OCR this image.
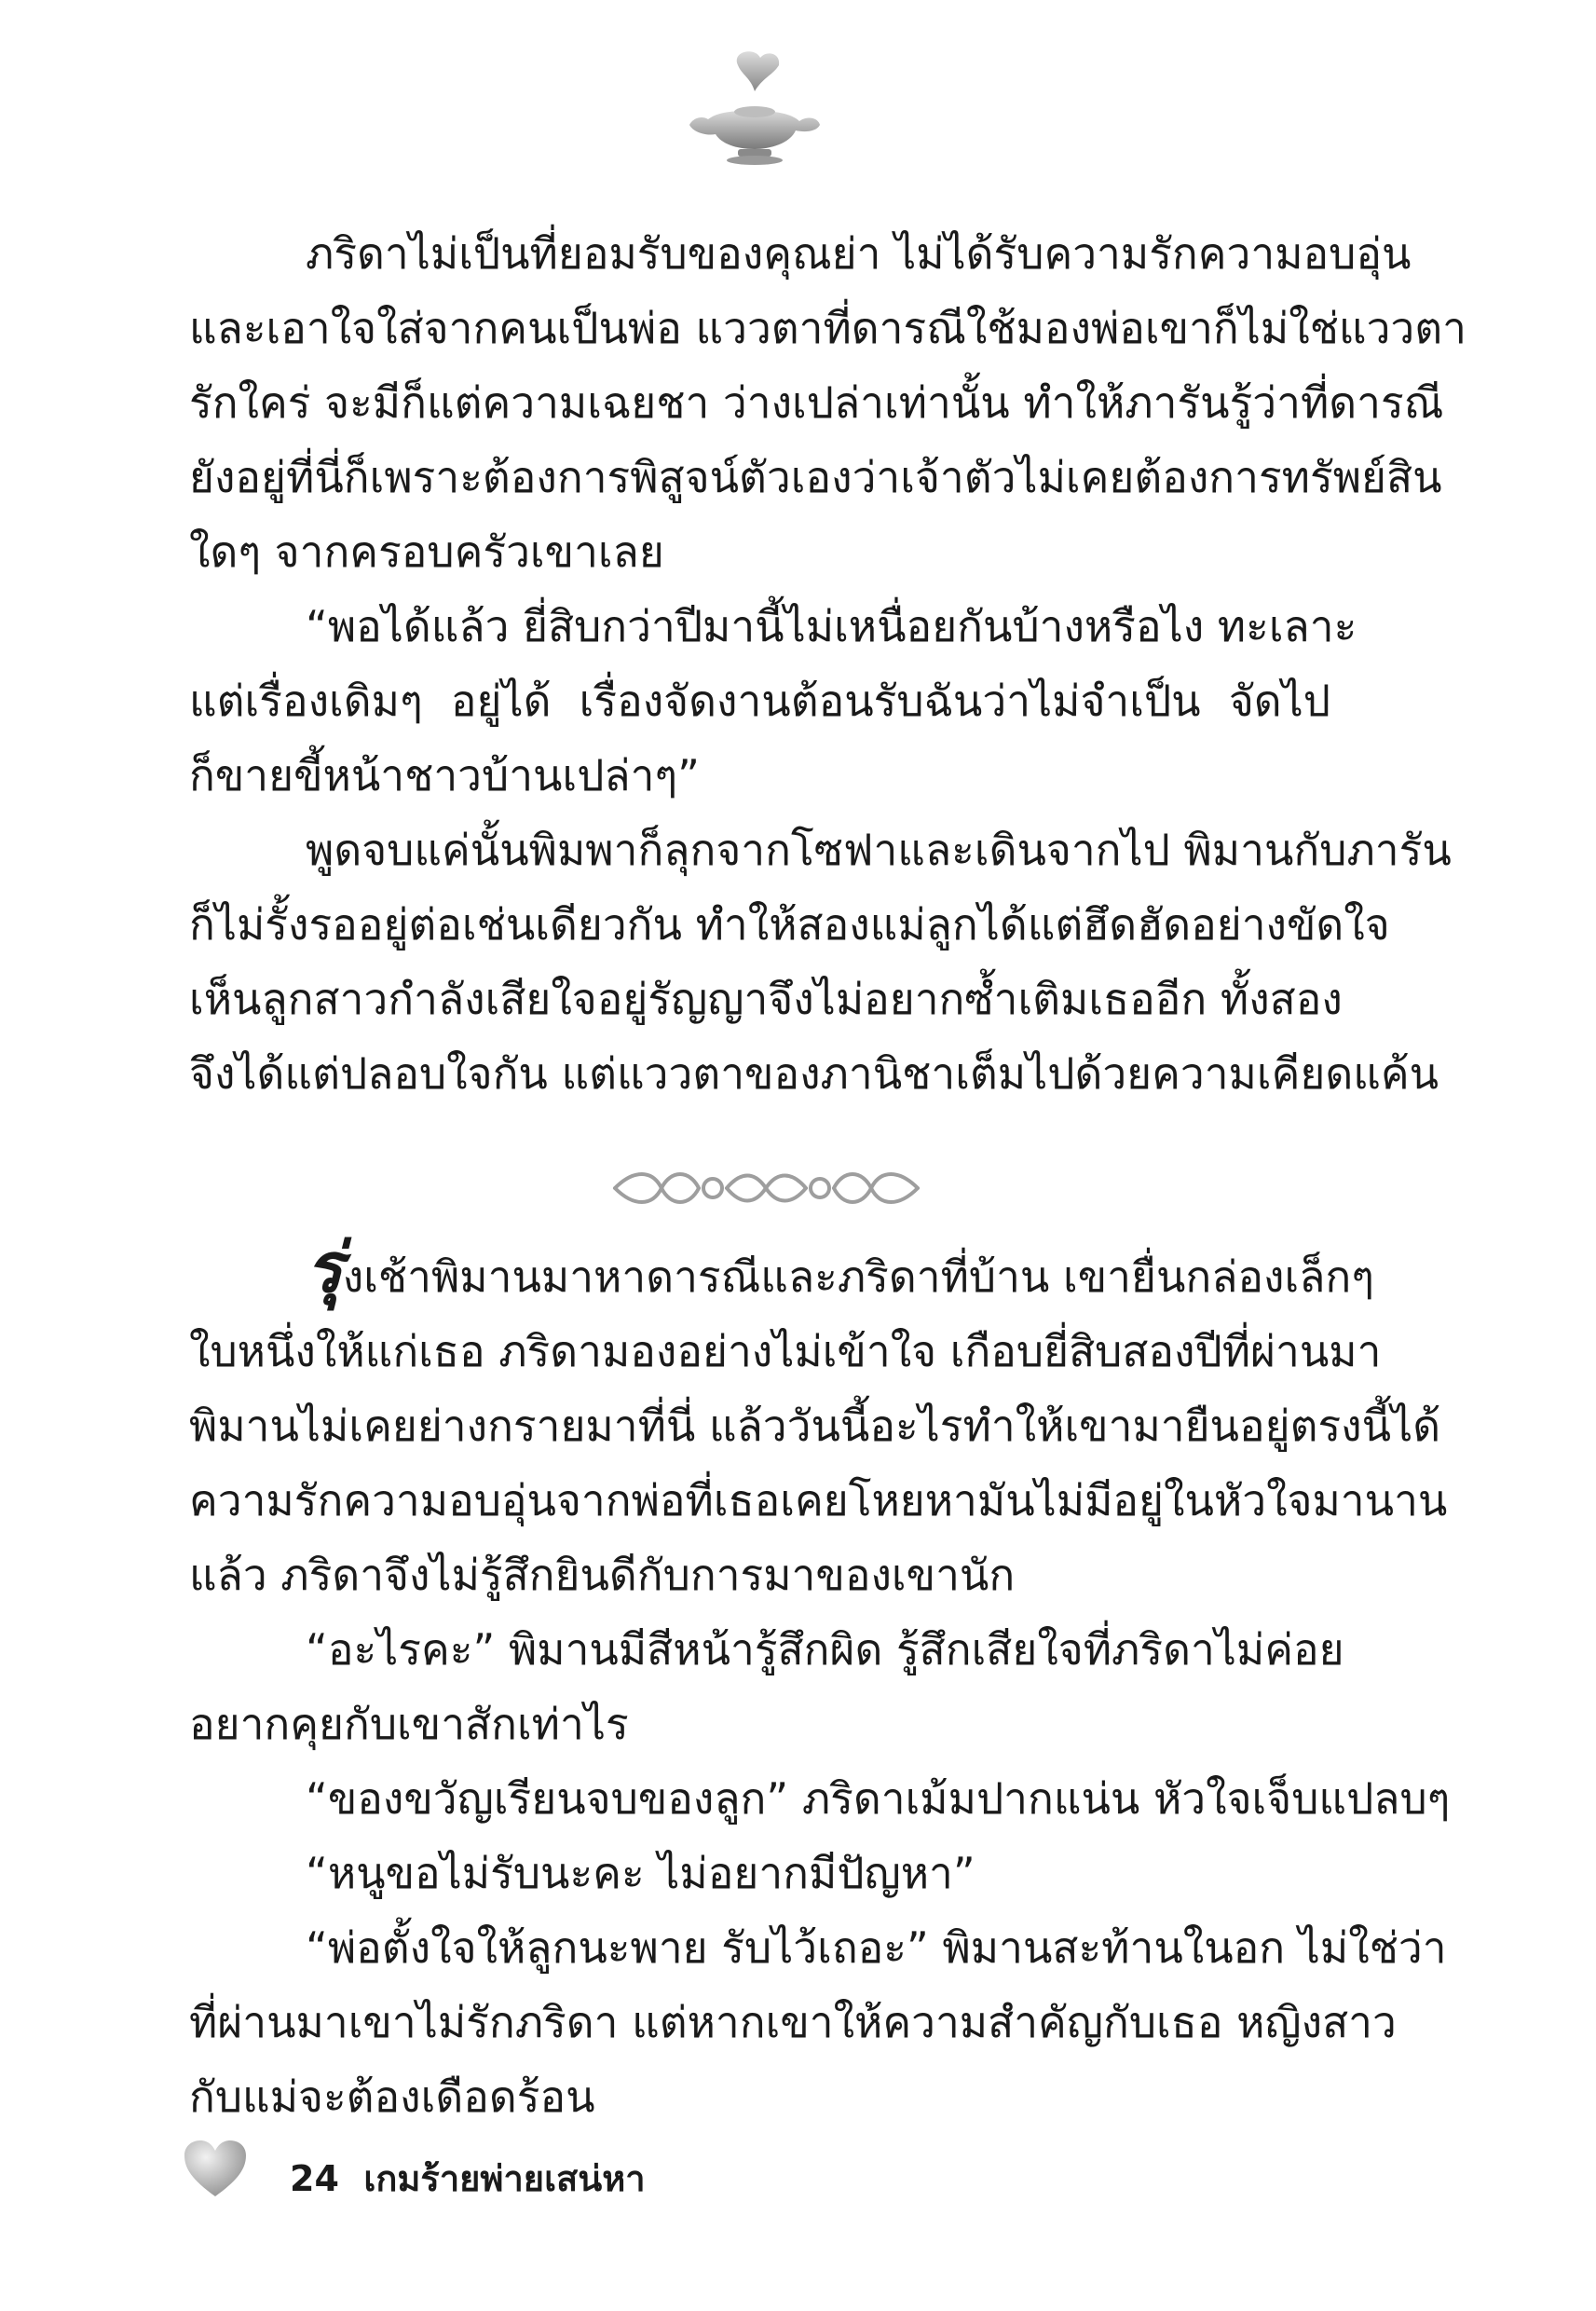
ภริดาไม่เป็นที่ยอมรับของคุณย่า ไม่ได้รับความรักความอบอุ่น
และเอาใจใส่จากคนเป็นพ่อ แววตาที่ดารณีใช้มองพ่อเขาก็ไม่ใช่แววตา
รักใคร่ จะมีก็แต่ความเฉยชา ว่างเปล่าเท่านั้น ทำให้ภารันรู้ว่าที่ดารณี
ยังอยู่ที่นี่ก็เพราะต้องการพิสูจน์ตัวเองว่าเจ้าตัวไม่เคยต้องการทรัพย์สิน
ใดๆ จากครอบครัวเขาเลย
“พอได้แล้ว ยี่สิบกว่าปีมานี้ไม่เหนื่อยกันบ้างหรือไง ทะเลาะ
แต่เรื่องเดิมๆ อยู่ได้ เรื่องจัดงานต้อนรับฉันว่าไม่จำเป็น จัดไป
ก็ขายขี้หน้าชาวบ้านเปล่าๆ”
พูดจบแค่นั้นพิมพาก็ลุกจากโซฟาและเดินจากไป พิมานกับภารัน
ก็ไม่รั้งรออยู่ต่อเช่นเดียวกัน ทำให้สองแม่ลูกได้แต่ฮึดฮัดอย่างขัดใจ
เห็นลูกสาวกำลังเสียใจอยู่รัญญาจึงไม่อยากซ้ำเติมเธออีก ทั้งสอง
จึงได้แต่ปลอบใจกัน แต่แววตาของภานิชาเต็มไปด้วยความเคียดแค้น
รุ่งเช้าพิมานมาหาดารณีและภริดาที่บ้าน เขายื่นกล่องเล็กๆ
ใบหนึ่งให้แก่เธอ ภริดามองอย่างไม่เข้าใจ เกือบยี่สิบสองปีที่ผ่านมา
พิมานไม่เคยย่างกรายมาที่นี่ แล้ววันนี้อะไรทำให้เขามายืนอยู่ตรงนี้ได้
ความรักความอบอุ่นจากพ่อที่เธอเคยโหยหามันไม่มีอยู่ในหัวใจมานาน
แล้ว ภริดาจึงไม่รู้สึกยินดีกับการมาของเขานัก
“อะไรคะ” พิมานมีสีหน้ารู้สึกผิด รู้สึกเสียใจที่ภริดาไม่ค่อย
อยากคุยกับเขาสักเท่าไร
“ของขวัญเรียนจบของลูก” ภริดาเม้มปากแน่น หัวใจเจ็บแปลบๆ
“หนูขอไม่รับนะคะ ไม่อยากมีปัญหา”
“พ่อตั้งใจให้ลูกนะพาย รับไว้เถอะ” พิมานสะท้านในอก ไม่ใช่ว่า
ที่ผ่านมาเขาไม่รักภริดา แต่หากเขาให้ความสำคัญกับเธอ หญิงสาว
กับแม่จะต้องเดือดร้อน
24 เกมร้ายพ่ายเสน่หา
